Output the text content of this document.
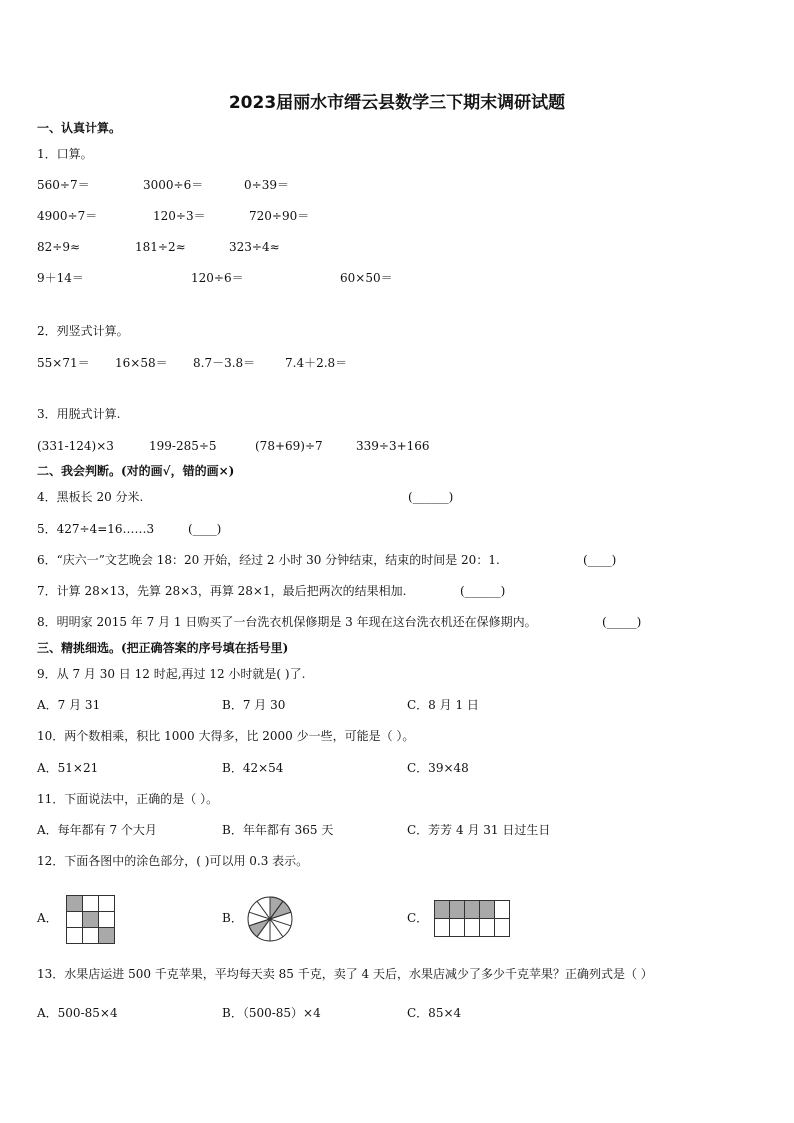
2023届丽水市缙云县数学三下期末调研试题
一、认真计算。
1．口算。
560÷7＝	3000÷6＝	0÷39＝
4900÷7＝	120÷3＝	720÷90＝
82÷9≈	181÷2≈	323÷4≈
9＋14＝	120÷6＝	60×50＝
2．列竖式计算。
55×71＝ 16×58＝ 8.7－3.8＝ 7.4＋2.8＝
3．用脱式计算.
(331-124)×3	199-285÷5	(78+69)÷7	339÷3+166
二、我会判断。(对的画√，错的画×)
4．黑板长 20 分米.	(______)
5．427÷4=16……3	(____)
6．“庆六一”文艺晚会 18：20 开始，经过 2 小时 30 分钟结束，结束的时间是 20：1.	(____)
7．计算 28×13，先算 28×3，再算 28×1，最后把两次的结果相加.	(______)
8．明明家 2015 年 7 月 1 日购买了一台洗衣机保修期是 3 年现在这台洗衣机还在保修期内。	(_____)
三、精挑细选。(把正确答案的序号填在括号里)
9．从 7 月 30 日 12 时起,再过 12 小时就是( )了.
A．7 月 31	B．7 月 30	C．8 月 1 日
10．两个数相乘，积比 1000 大得多，比 2000 少一些，可能是（ ）。
A．51×21	B．42×54	C．39×48
11．下面说法中，正确的是（ ）。
A．每年都有 7 个大月	B．年年都有 365 天	C．芳芳 4 月 31 日过生日
12．下面各图中的涂色部分，( )可以用 0.3 表示。
A．	B．	C．
13．水果店运进 500 千克苹果，平均每天卖 85 千克，卖了 4 天后，水果店减少了多少千克苹果？正确列式是（ ）
A．500-85×4	B．（500-85）×4	C．85×4
